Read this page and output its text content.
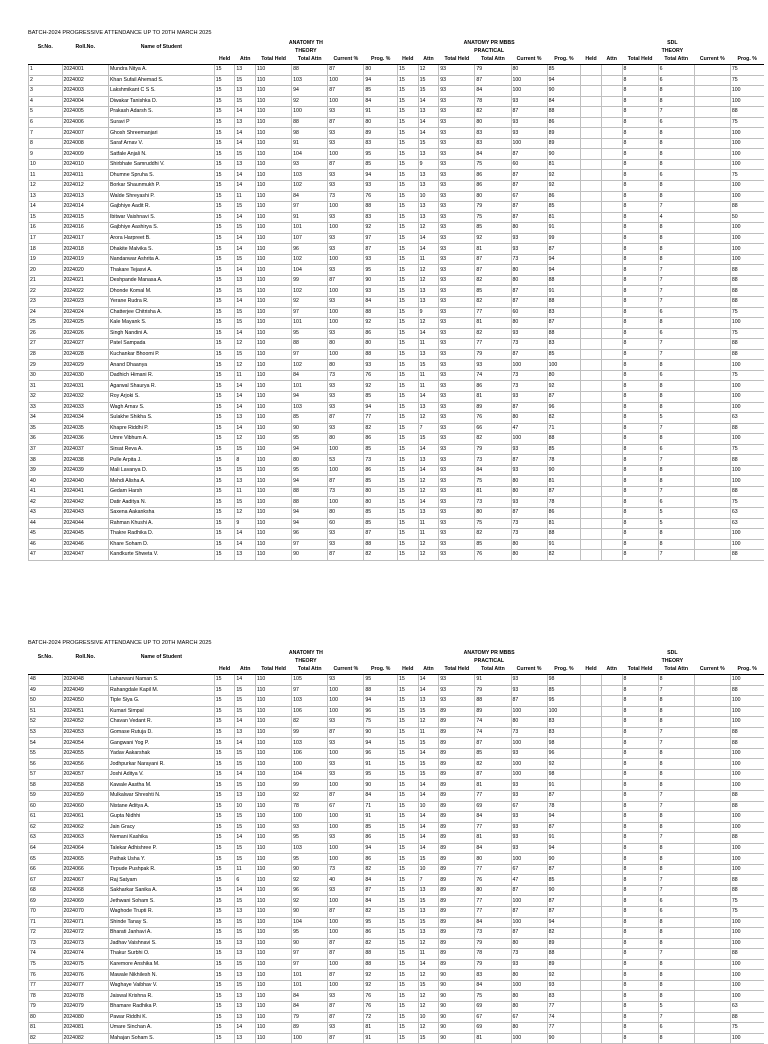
BATCH-2024 PROGRESSIVE ATTENDANCE UP TO 20TH MARCH 2025
Sr.No.	Roll.No.	Name of Student	ANATOMY TH						ANATOMY PR MBBS						SDL					
			THEORY						PRACTICAL						THEORY					
			Held	Attn	Total Held	Total Attn	Current %	Prog. %	Held	Attn	Total Held	Total Attn	Current %	Prog. %	Held	Attn	Total Held	Total Attn	Current %	Prog. %
1	2024001	Mundra Nitya A.	15	13	110	88	87	80	15	12	93	79	80	85			8	6		75
2	2024002	Khan Sufail Ahemad S.	15	15	110	103	100	94	15	15	93	87	100	94			8	6		75
3	2024003	Lakshmikant C S S.	15	13	110	94	87	85	15	15	93	84	100	90			8	8		100
4	2024004	Diwakar Tanishka D.	15	15	110	92	100	84	15	14	93	78	93	84			8	8		100
5	2024005	Prakash Adarsh S.	15	14	110	100	93	91	15	13	93	82	87	88			8	7		88
6	2024006	Suravi P	15	13	110	88	87	80	15	14	93	80	93	86			8	6		75
7	2024007	Ghosh Shreemanjari	15	14	110	98	93	89	15	14	93	83	93	89			8	8		100
8	2024008	Saraf Arnav V.	15	14	110	91	93	83	15	15	93	83	100	89			8	8		100
9	2024009	Satfale Anjali N.	15	15	110	104	100	95	15	13	93	84	87	90			8	8		100
10	2024010	Shirbhate Samruddhi V.	15	13	110	93	87	85	15	9	93	75	60	81			8	8		100
11	2024011	Dhumne Spruha S.	15	14	110	103	93	94	15	13	93	86	87	92			8	6		75
12	2024012	Borkar Shaunmukh P.	15	14	110	102	93	93	15	13	93	86	87	92			8	8		100
13	2024013	Walde Shreyashi P.	15	11	110	84	73	76	15	10	93	80	67	86			8	8		100
14	2024014	Gajbhiye Aadit R.	15	15	110	97	100	88	15	13	93	79	87	85			8	7		88
15	2024015	Ibitwar Vaishnavi S.	15	14	110	91	93	83	15	13	93	75	87	81			8	4		50
16	2024016	Gajbhiye Aashirya S.	15	15	110	101	100	92	15	12	93	85	80	91			8	8		100
17	2024017	Arora Harpreet B.	15	14	110	107	93	97	15	14	93	92	93	99			8	8		100
18	2024018	Dhakite Malvika S.	15	14	110	96	93	87	15	14	93	81	93	87			8	8		100
19	2024019	Nandanwar Ashrita A.	15	15	110	102	100	93	15	11	93	87	73	94			8	8		100
20	2024020	Thakare Tejasvi A.	15	14	110	104	93	95	15	12	93	87	80	94			8	7		88
21	2024021	Deshpande Manasa A.	15	13	110	99	87	90	15	12	93	82	80	88			8	7		88
22	2024022	Dhonde Komal M.	15	15	110	102	100	93	15	13	93	85	87	91			8	7		88
23	2024023	Yerane Rudra R.	15	14	110	92	93	84	15	13	93	82	87	88			8	7		88
24	2024024	Chatterjee Chitrisha A.	15	15	110	97	100	88	15	9	93	77	60	83			8	6		75
25	2024025	Kale Mayank S.	15	15	110	101	100	92	15	12	93	81	80	87			8	8		100
26	2024026	Singh Nandini A.	15	14	110	95	93	86	15	14	93	82	93	88			8	6		75
27	2024027	Patel Sampada	15	12	110	88	80	80	15	11	93	77	73	83			8	7		88
28	2024028	Kuchankar Bhoomi P.	15	15	110	97	100	88	15	13	93	79	87	85			8	7		88
29	2024029	Anand Dhaanya	15	12	110	102	80	93	15	15	93	93	100	100			8	8		100
30	2024030	Dadhich Himani R.	15	11	110	84	73	76	15	11	93	74	73	80			8	6		75
31	2024031	Agarwal Shaurya R.	15	14	110	101	93	92	15	11	93	86	73	92			8	8		100
32	2024032	Roy Arjoki S.	15	14	110	94	93	85	15	14	93	81	93	87			8	8		100
33	2024033	Wagh Arnav S.	15	14	110	103	93	94	15	13	93	89	87	96			8	8		100
34	2024034	Sulakhe Shikha S.	15	13	110	85	87	77	15	12	93	76	80	82			8	5		63
35	2024035	Khapre Riddhi P.	15	14	110	90	93	82	15	7	93	66	47	71			8	7		88
36	2024036	Umre Vibhum A.	15	12	110	95	80	86	15	15	93	82	100	88			8	8		100
37	2024037	Sirsat Reva A.	15	15	110	94	100	85	15	14	93	79	93	85			8	6		75
38	2024038	Pulle Arpita J.	15	8	110	80	53	73	15	13	93	73	87	78			8	7		88
39	2024039	Mali Lavanya D.	15	15	110	95	100	86	15	14	93	84	93	90			8	8		100
40	2024040	Mehdi Alisha A.	15	13	110	94	87	85	15	12	93	75	80	81			8	8		100
41	2024041	Gedam Harsh	15	11	110	88	73	80	15	12	93	81	80	87			8	7		88
42	2024042	Datir Aaditya N.	15	15	110	88	100	80	15	14	93	73	93	78			8	6		75
43	2024043	Saxena Aakanksha	15	12	110	94	80	85	15	13	93	80	87	86			8	5		63
44	2024044	Rahman Khushi A.	15	9	110	94	60	85	15	11	93	75	73	81			8	5		63
45	2024045	Thakre Radhika D.	15	14	110	96	93	87	15	11	93	82	73	88			8	8		100
46	2024046	Khare Soham D.	15	14	110	97	93	88	15	12	93	85	80	91			8	8		100
47	2024047	Kandkurte Shweta V.	15	13	110	90	87	82	15	12	93	76	80	82			8	7		88
BATCH-2024 PROGRESSIVE ATTENDANCE UP TO 20TH MARCH 2025
Sr.No.	Roll.No.	Name of Student	ANATOMY TH						ANATOMY PR MBBS						SDL					
			THEORY						PRACTICAL						THEORY					
			Held	Attn	Total Held	Total Attn	Current %	Prog. %	Held	Attn	Total Held	Total Attn	Current %	Prog. %	Held	Attn	Total Held	Total Attn	Current %	Prog. %
48	2024048	Laharwani Naman S.	15	14	110	105	93	95	15	14	93	91	93	98			8	8		100
49	2024049	Rahangdale Kapil M.	15	15	110	97	100	88	15	14	93	79	93	85			8	7		88
50	2024050	Tiple Siya G.	15	15	110	103	100	94	15	13	93	88	87	95			8	8		100
51	2024051	Kumari Simpal	15	15	110	106	100	96	15	15	89	89	100	100			8	8		100
52	2024052	Chavan Vedant R.	15	14	110	82	93	75	15	12	89	74	80	83			8	8		100
53	2024053	Gomase Rutuja D.	15	13	110	99	87	90	15	11	89	74	73	83			8	7		88
54	2024054	Gangwani Yog P.	15	14	110	103	93	94	15	15	89	87	100	98			8	7		88
55	2024055	Yadav Aakarshak	15	15	110	106	100	96	15	14	89	85	93	96			8	8		100
56	2024056	Jodhpurkar Narayani R.	15	15	110	100	93	91	15	15	89	82	100	92			8	8		100
57	2024057	Joshi Aditya V.	15	14	110	104	93	95	15	15	89	87	100	98			8	8		100
58	2024058	Kawale Aastha M.	15	15	110	99	100	90	15	14	89	81	93	91			8	8		100
59	2024059	Mulkalwar Shreshti N.	15	13	110	92	87	84	15	14	89	77	93	87			8	7		88
60	2024060	Nistane Aditya A.	15	10	110	78	67	71	15	10	89	69	67	78			8	7		88
61	2024061	Gupta Nidhhi	15	15	110	100	100	91	15	14	89	84	93	94			8	8		100
62	2024062	Jain Gracy	15	15	110	93	100	85	15	14	89	77	93	87			8	8		100
63	2024063	Nemani Kashika	15	14	110	95	93	86	15	14	89	81	93	91			8	7		88
64	2024064	Talekar Adhishree P.	15	15	110	103	100	94	15	14	89	84	93	94			8	8		100
65	2024065	Pathak Usha Y.	15	15	110	95	100	86	15	15	89	80	100	90			8	8		100
66	2024066	Tirpude Pushpak R.	15	11	110	90	73	82	15	10	89	77	67	87			8	8		100
67	2024067	Raj Satyam	15	6	110	92	40	84	15	7	89	76	47	85			8	7		88
68	2024068	Sakharkar Sanika A.	15	14	110	96	93	87	15	13	89	80	87	90			8	7		88
69	2024069	Jethwani Soham S.	15	15	110	92	100	84	15	15	89	77	100	87			8	6		75
70	2024070	Waghode Trupti R.	15	13	110	90	87	82	15	13	89	77	87	87			8	6		75
71	2024071	Shinde Tanay S.	15	15	110	104	100	95	15	15	89	84	100	94			8	8		100
72	2024072	Bharati Janhavi A.	15	15	110	95	100	86	15	13	89	73	87	82			8	8		100
73	2024073	Jadhav Vaishnavi S.	15	13	110	90	87	82	15	12	89	79	80	89			8	8		100
74	2024074	Thakur Surbhi O.	15	13	110	97	87	88	15	11	89	78	73	88			8	7		88
75	2024075	Karemore Anshika M.	15	15	110	97	100	88	15	14	89	79	93	89			8	8		100
76	2024076	Mawale Nikhilesh N.	15	13	110	101	87	92	15	12	90	83	80	92			8	8		100
77	2024077	Waghaye Vaibhav V.	15	15	110	101	100	92	15	15	90	84	100	93			8	8		100
78	2024078	Jaiswal Krishna R.	15	13	110	84	93	76	15	12	90	75	80	83			8	8		100
79	2024079	Bhamare Radhika P.	15	13	110	84	87	76	15	12	90	69	80	77			8	5		63
80	2024080	Pawar Riddhi K.	15	13	110	79	87	72	15	10	90	67	67	74			8	7		88
81	2024081	Umare Sinchan A.	15	14	110	89	93	81	15	12	90	69	80	77			8	6		75
82	2024082	Mahajan Soham S.	15	13	110	100	87	91	15	15	90	81	100	90			8	8		100
